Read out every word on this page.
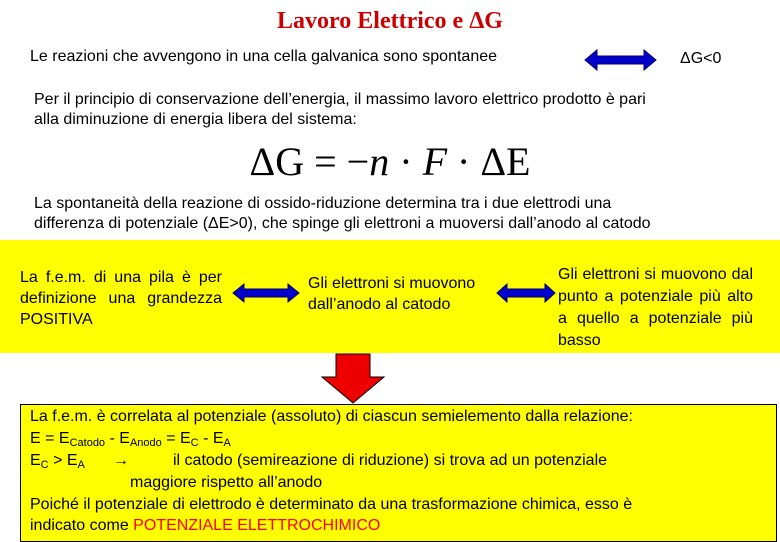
Lavoro Elettrico e ΔG
Le reazioni che avvengono in una cella galvanica sono spontanee	ΔG<0
Per il principio di conservazione dell’energia, il massimo lavoro elettrico prodotto è pari
alla diminuzione di energia libera del sistema:
ΔG = −n · F · ΔE
La spontaneità della reazione di ossido-riduzione determina tra i due elettrodi una
differenza di potenziale (ΔE>0), che spinge gli elettroni a muoversi dall’anodo al catodo
La f.e.m. di una pila è per definizione una grandezza POSITIVA
Gli elettroni si muovono dall’anodo al catodo
Gli elettroni si muovono dal punto a potenziale più alto a quello a potenziale più basso
La f.e.m. è correlata al potenziale (assoluto) di ciascun semielemento dalla relazione:
$E = E_{Catodo} - E_{Anodo} = E_C - E_A$
$E_C > E_A$ →	il catodo (semireazione di riduzione) si trova ad un potenziale
maggiore rispetto all’anodo
Poiché il potenziale di elettrodo è determinato da una trasformazione chimica, esso è
indicato come POTENZIALE ELETTROCHIMICO
